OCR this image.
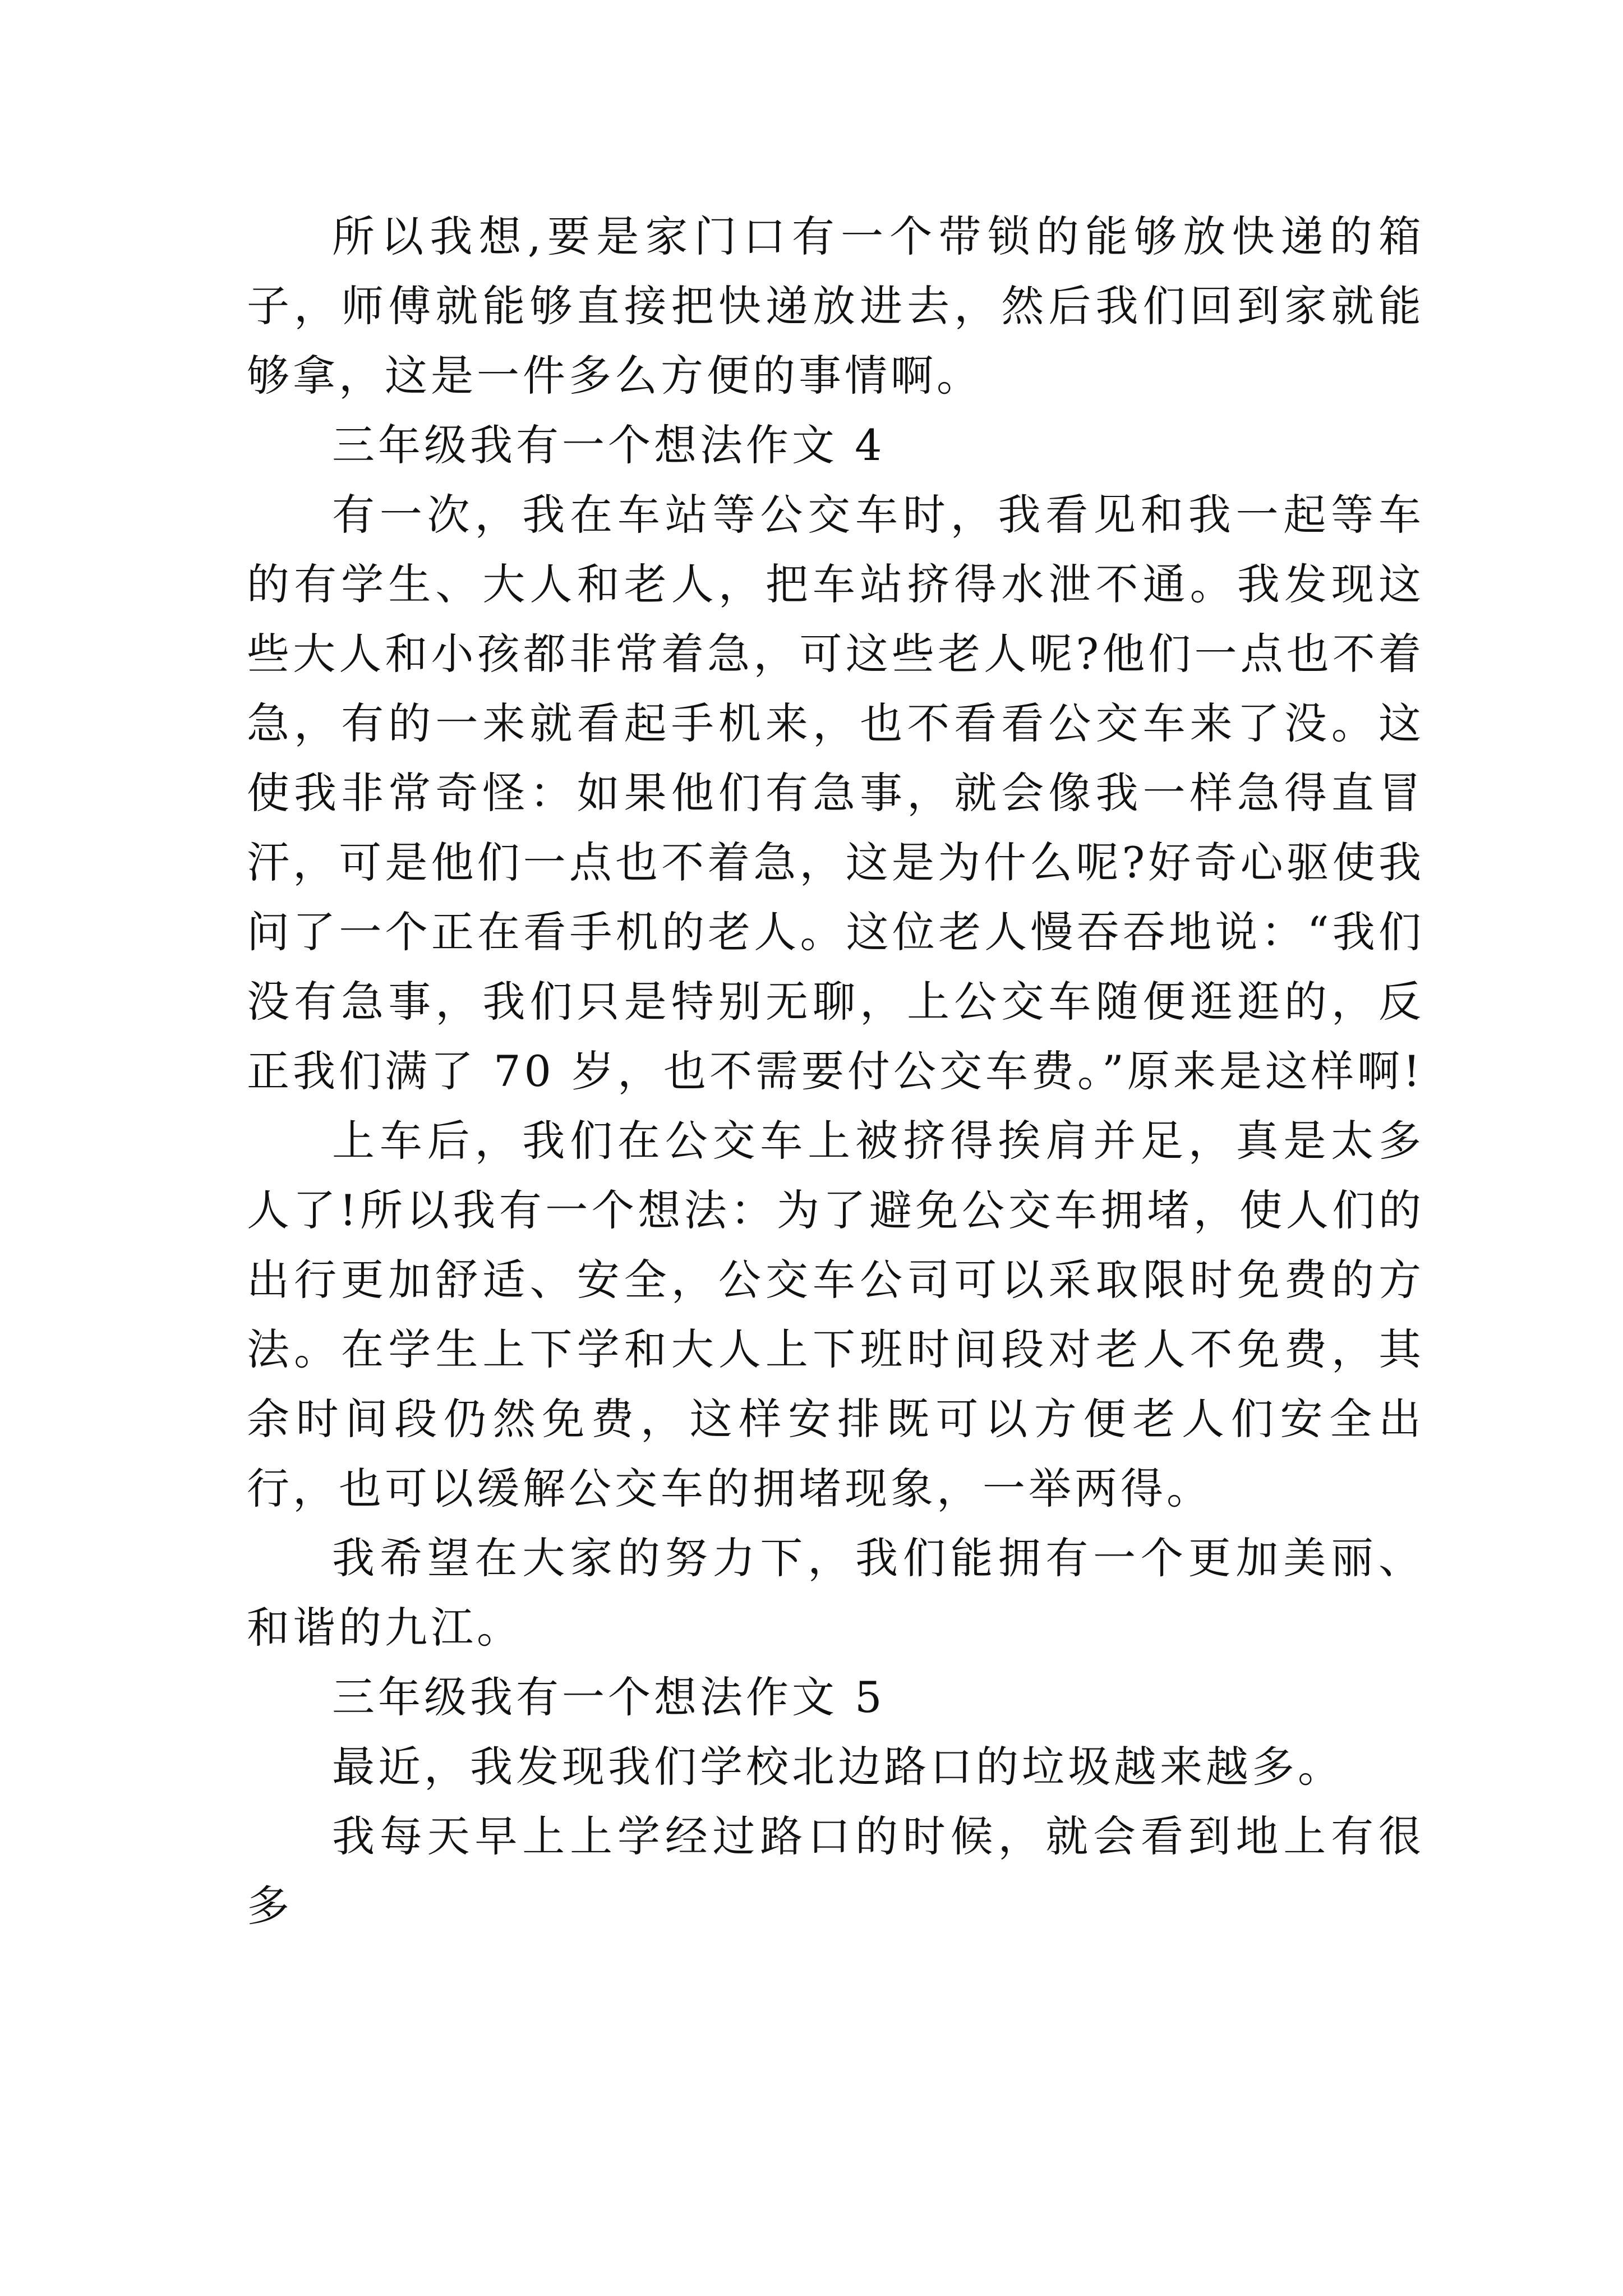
所以我想,要是家门口有一个带锁的能够放快递的箱子，师傅就能够直接把快递放进去，然后我们回到家就能够拿，这是一件多么方便的事情啊。

三年级我有一个想法作文 4

有一次，我在车站等公交车时，我看见和我一起等车的有学生、大人和老人，把车站挤得水泄不通。我发现这些大人和小孩都非常着急，可这些老人呢?他们一点也不着急，有的一来就看起手机来，也不看看公交车来了没。这使我非常奇怪：如果他们有急事，就会像我一样急得直冒汗，可是他们一点也不着急，这是为什么呢?好奇心驱使我问了一个正在看手机的老人。这位老人慢吞吞地说：“我们没有急事，我们只是特别无聊，上公交车随便逛逛的，反正我们满了 70 岁，也不需要付公交车费。”原来是这样啊!

上车后，我们在公交车上被挤得挨肩并足，真是太多人了!所以我有一个想法：为了避免公交车拥堵，使人们的出行更加舒适、安全，公交车公司可以采取限时免费的方法。在学生上下学和大人上下班时间段对老人不免费，其余时间段仍然免费，这样安排既可以方便老人们安全出行，也可以缓解公交车的拥堵现象，一举两得。

我希望在大家的努力下，我们能拥有一个更加美丽、和谐的九江。

三年级我有一个想法作文 5

最近，我发现我们学校北边路口的垃圾越来越多。

我每天早上上学经过路口的时候，就会看到地上有很多
